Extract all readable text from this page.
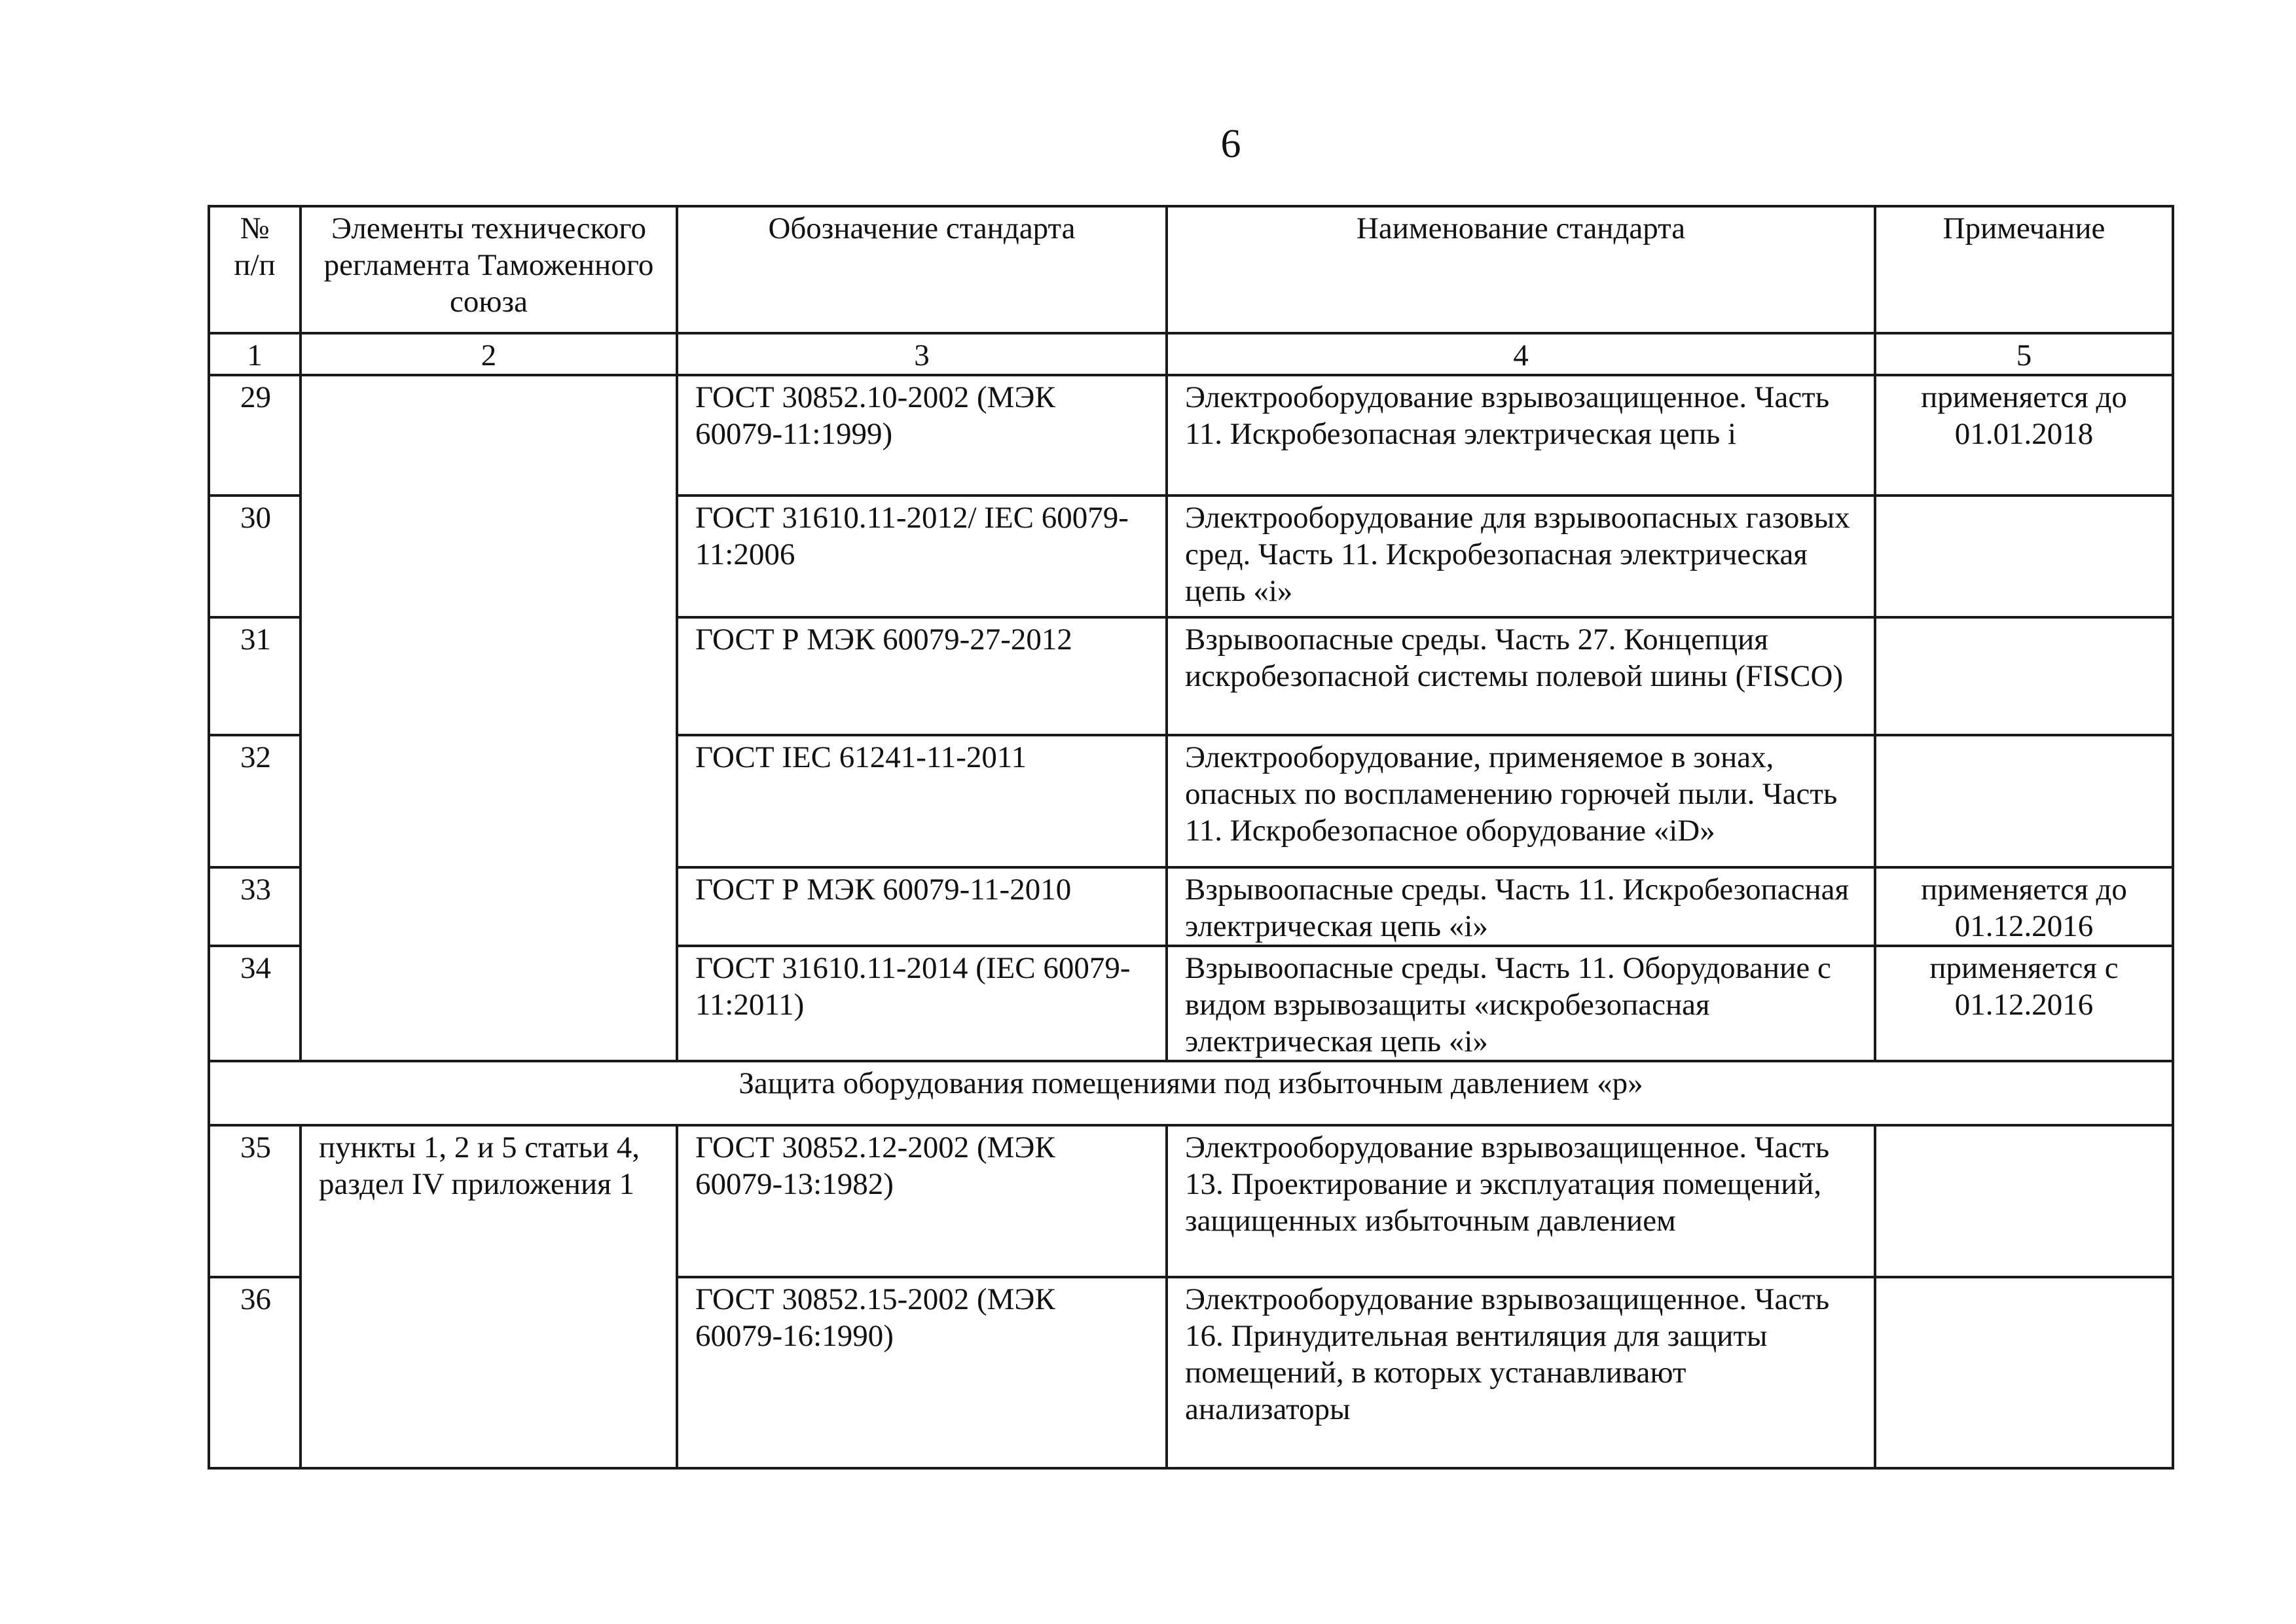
6
№ п/п	Элементы технического регламента Таможенного союза	Обозначение стандарта	Наименование стандарта	Примечание
1	2	3	4	5
29		ГОСТ 30852.10-2002 (МЭК 60079-11:1999)	Электрооборудование взрывозащищенное. Часть 11. Искробезопасная электрическая цепь i	применяется до 01.01.2018
30		ГОСТ 31610.11-2012/ IEC 60079-11:2006	Электрооборудование для взрывоопасных газовых сред. Часть 11. Искробезопасная электрическая цепь «i»	
31		ГОСТ Р МЭК 60079-27-2012	Взрывоопасные среды. Часть 27. Концепция искробезопасной системы полевой шины (FISCO)	
32		ГОСТ IEC 61241-11-2011	Электрооборудование, применяемое в зонах, опасных по воспламенению горючей пыли. Часть 11. Искробезопасное оборудование «iD»	
33		ГОСТ Р МЭК 60079-11-2010	Взрывоопасные среды. Часть 11. Искробезопасная электрическая цепь «i»	применяется до 01.12.2016
34		ГОСТ 31610.11-2014 (IEC 60079-11:2011)	Взрывоопасные среды. Часть 11. Оборудование с видом взрывозащиты «искробезопасная электрическая цепь «i»	применяется с 01.12.2016
Защита оборудования помещениями под избыточным давлением «р»				
35	пункты 1, 2 и 5 статьи 4, раздел IV приложения 1	ГОСТ 30852.12-2002 (МЭК 60079-13:1982)	Электрооборудование взрывозащищенное. Часть 13. Проектирование и эксплуатация помещений, защищенных избыточным давлением	
36		ГОСТ 30852.15-2002 (МЭК 60079-16:1990)	Электрооборудование взрывозащищенное. Часть 16. Принудительная вентиляция для защиты помещений, в которых устанавливают анализаторы	
